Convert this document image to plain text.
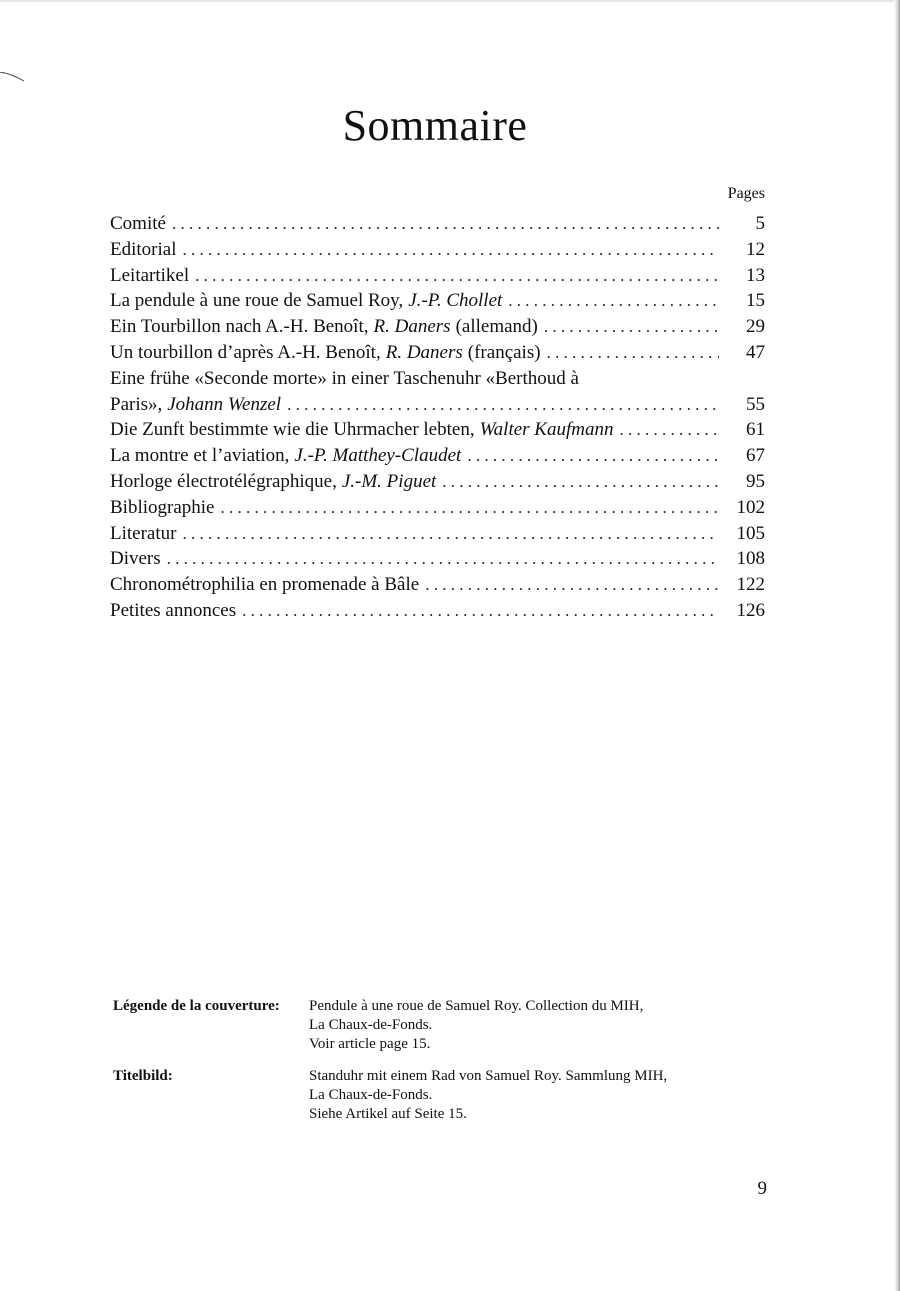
Sommaire
Pages
Comité . . .	5
Editorial . . .	12
Leitartikel . . .	13
La pendule à une roue de Samuel Roy, J.-P. Chollet . . .	15
Ein Tourbillon nach A.-H. Benoît, R. Daners (allemand) . . .	29
Un tourbillon d’après A.-H. Benoît, R. Daners (français) . . .	47
Eine frühe «Seconde morte» in einer Taschenuhr «Berthoud à
Paris», Johann Wenzel . . .	55
Die Zunft bestimmte wie die Uhrmacher lebten, Walter Kaufmann . . .	61
La montre et l’aviation, J.-P. Matthey-Claudet . . .	67
Horloge électrotélégraphique, J.-M. Piguet . . .	95
Bibliographie . . .	102
Literatur . . .	105
Divers . . .	108
Chronométrophilia en promenade à Bâle . . .	122
Petites annonces . . .	126
Légende de la couverture:	Pendule à une roue de Samuel Roy. Collection du MIH,
La Chaux-de-Fonds.
Voir article page 15.
Titelbild:	Standuhr mit einem Rad von Samuel Roy. Sammlung MIH,
La Chaux-de-Fonds.
Siehe Artikel auf Seite 15.
9
